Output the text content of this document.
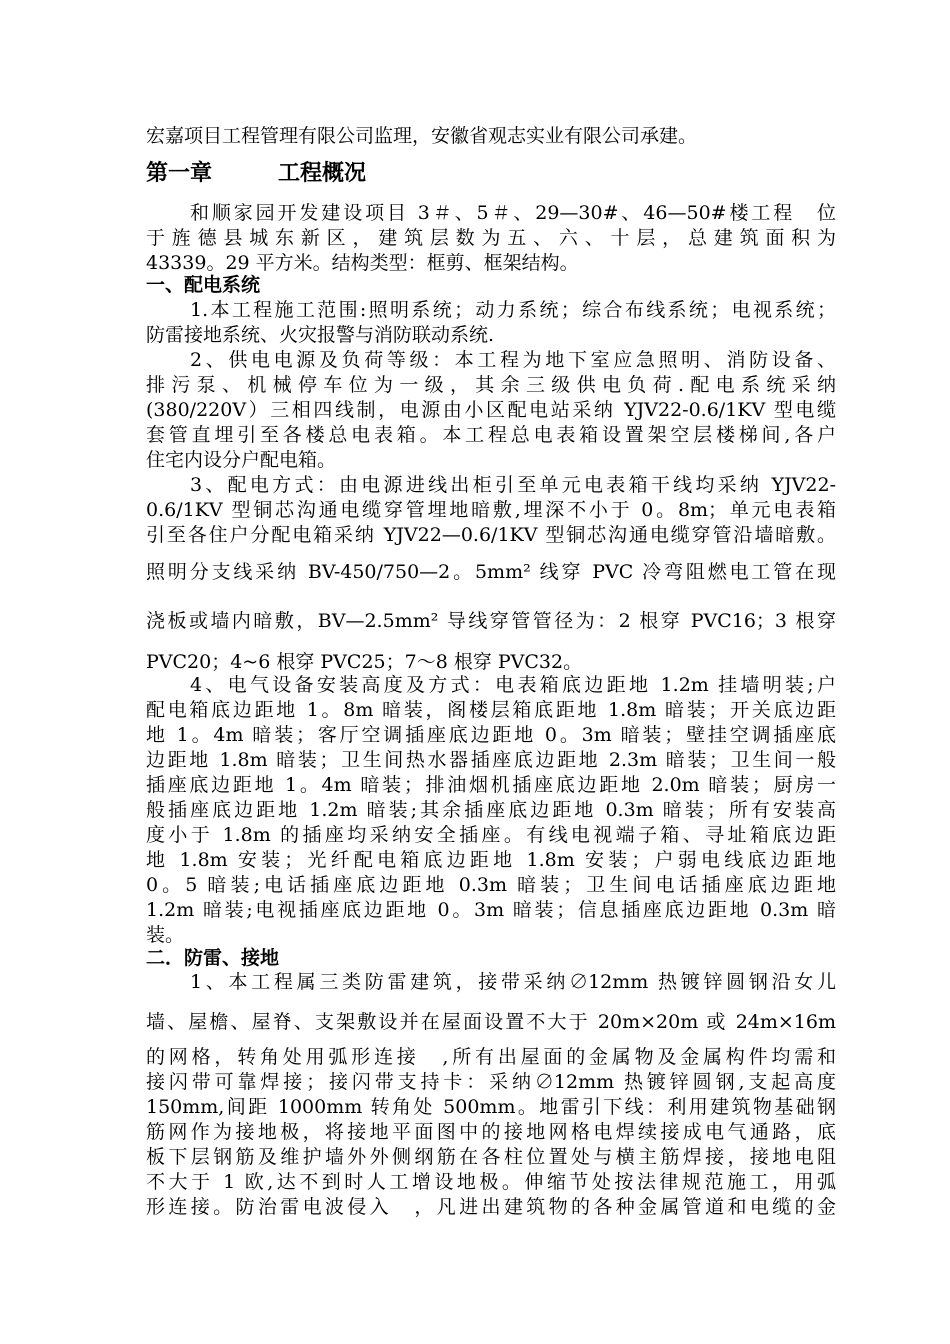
宏嘉项目工程管理有限公司监理，安徽省观志实业有限公司承建。

第一章	工程概况

和顺家园开发建设项目 3＃、5＃、29—30#、46—50#楼工程　位

于旌德县城东新区，建筑层数为五、六、十层，总建筑面积为

43339。29 平方米。结构类型：框剪、框架结构。

一、配电系统

1.本工程施工范围:照明系统；动力系统；综合布线系统；电视系统；

防雷接地系统、火灾报警与消防联动系统.

2、供电电源及负荷等级：本工程为地下室应急照明、消防设备、

排污泵、机械停车位为一级，其余三级供电负荷.配电系统采纳

(380/220V）三相四线制，电源由小区配电站采纳 YJV22-0.6/1KV 型电缆

套管直埋引至各楼总电表箱。本工程总电表箱设置架空层楼梯间,各户

住宅内设分户配电箱。

3、配电方式：由电源进线出柜引至单元电表箱干线均采纳 YJV22-

0.6/1KV 型铜芯沟通电缆穿管埋地暗敷,埋深不小于 0。8m；单元电表箱

引至各住户分配电箱采纳 YJV22—0.6/1KV 型铜芯沟通电缆穿管沿墙暗敷。

照明分支线采纳 BV-450/750—2。5mm² 线穿 PVC 冷弯阻燃电工管在现

浇板或墙内暗敷，BV—2.5mm² 导线穿管管径为：2 根穿 PVC16；3 根穿

PVC20；4~6 根穿 PVC25；7～8 根穿 PVC32。

4、电气设备安装高度及方式：电表箱底边距地 1.2m 挂墙明装;户

配电箱底边距地 1。8m 暗装，阁楼层箱底距地 1.8m 暗装；开关底边距

地 1。4m 暗装；客厅空调插座底边距地 0。3m 暗装；壁挂空调插座底

边距地 1.8m 暗装；卫生间热水器插座底边距地 2.3m 暗装；卫生间一般

插座底边距地 1。4m 暗装；排油烟机插座底边距地 2.0m 暗装；厨房一

般插座底边距地 1.2m 暗装;其余插座底边距地 0.3m 暗装；所有安装高

度小于 1.8m 的插座均采纳安全插座。有线电视端子箱、寻址箱底边距

地 1.8m 安装；光纤配电箱底边距地 1.8m 安装；户弱电线底边距地

0。5 暗装;电话插座底边距地 0.3m 暗装；卫生间电话插座底边距地

1.2m 暗装;电视插座底边距地 0。3m 暗装；信息插座底边距地 0.3m 暗

装。

二．防雷、接地

1、本工程属三类防雷建筑，接带采纳∅12mm 热镀锌圆钢沿女儿

墙、屋檐、屋脊、支架敷设并在屋面设置不大于 20m×20m 或 24m×16m

的网格，转角处用弧形连接　,所有出屋面的金属物及金属构件均需和

接闪带可靠焊接；接闪带支持卡：采纳∅12mm 热镀锌圆钢,支起高度

150mm,间距 1000mm 转角处 500mm。地雷引下线：利用建筑物基础钢

筋网作为接地极，将接地平面图中的接地网格电焊续接成电气通路，底

板下层钢筋及维护墙外外侧纲筋在各柱位置处与横主筋焊接，接地电阻

不大于 1 欧,达不到时人工增设地极。伸缩节处按法律规范施工，用弧

形连接。防治雷电波侵入　，凡进出建筑物的各种金属管道和电缆的金
